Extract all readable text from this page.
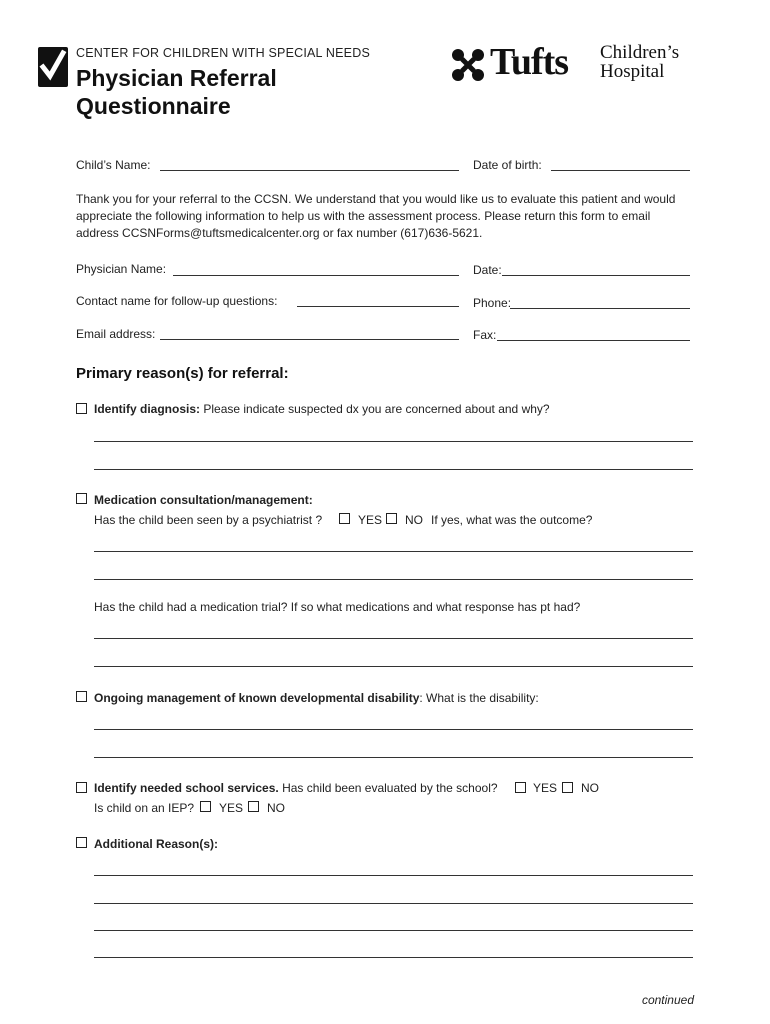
CENTER FOR CHILDREN WITH SPECIAL NEEDS
Physician Referral
Questionnaire
Tufts Children’s
Hospital
Child’s Name:	Date of birth:
Thank you for your referral to the CCSN. We understand that you would like us to evaluate this patient and would appreciate the following information to help us with the assessment process. Please return this form to email address CCSNForms@tuftsmedicalcenter.org or fax number (617)636-5621.
Physician Name:	Date:
Contact name for follow-up questions:	Phone:
Email address:	Fax:
Primary reason(s) for referral:
Identify diagnosis: Please indicate suspected dx you are concerned about and why?
Medication consultation/management:
Has the child been seen by a psychiatrist ?	YES NO If yes, what was the outcome?
Has the child had a medication trial? If so what medications and what response has pt had?
Ongoing management of known developmental disability: What is the disability:
Identify needed school services. Has child been evaluated by the school?	YES NO
Is child on an IEP? YES NO
Additional Reason(s):
continued
